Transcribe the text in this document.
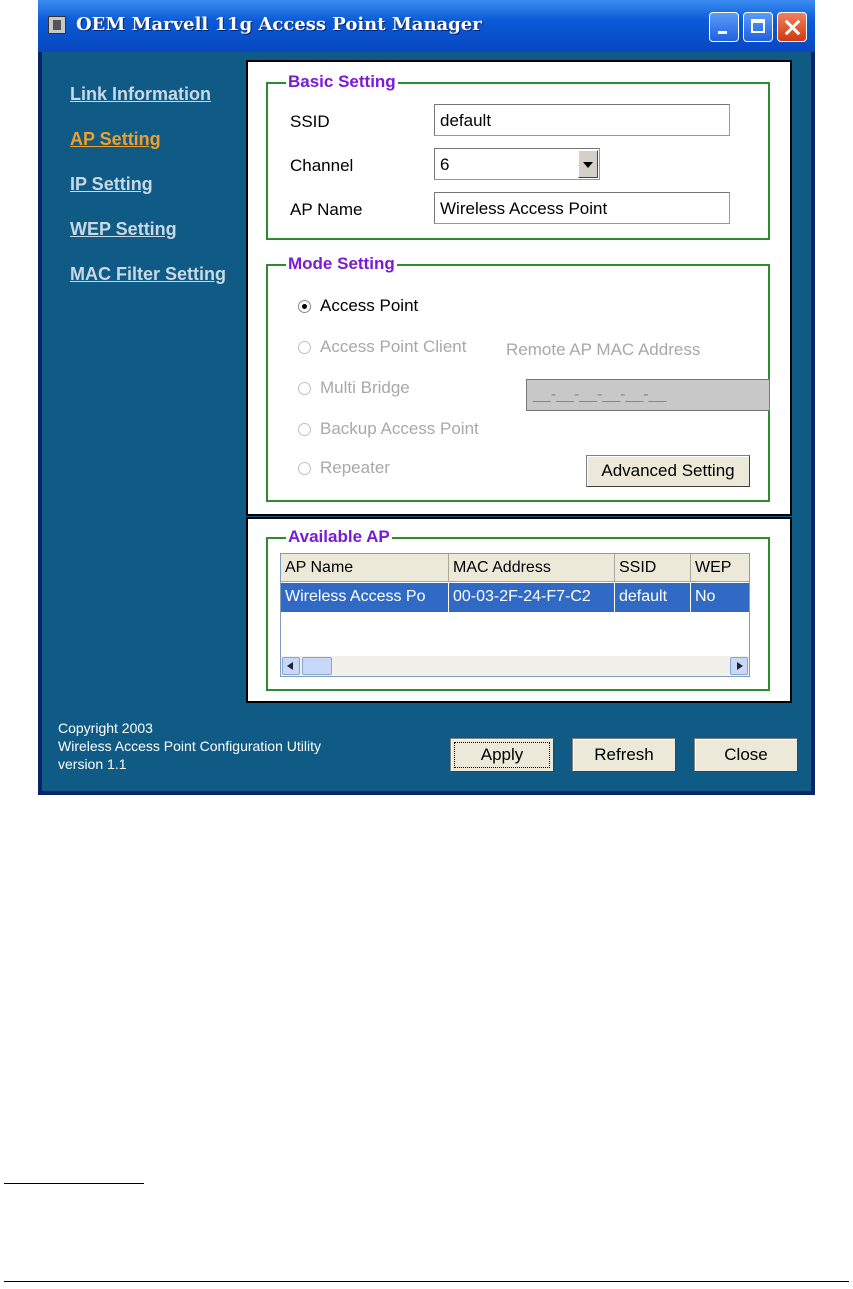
OEM Marvell 11g Access Point Manager
Link Information
AP Setting
IP Setting
WEP Setting
MAC Filter Setting
Basic Setting
SSID	default
Channel	6
AP Name	Wireless Access Point
Mode Setting
Access Point
Access Point Client Remote AP MAC Address
Multi Bridge	__-__-__-__-__-__
Backup Access Point
Repeater	Advanced Setting
Available AP
AP Name	MAC Address	SSID	WEP
Wireless Access Po	00-03-2F-24-F7-C2	default	No
Copyright 2003
Wireless Access Point Configuration Utility
version 1.1	Apply	Refresh	Close
